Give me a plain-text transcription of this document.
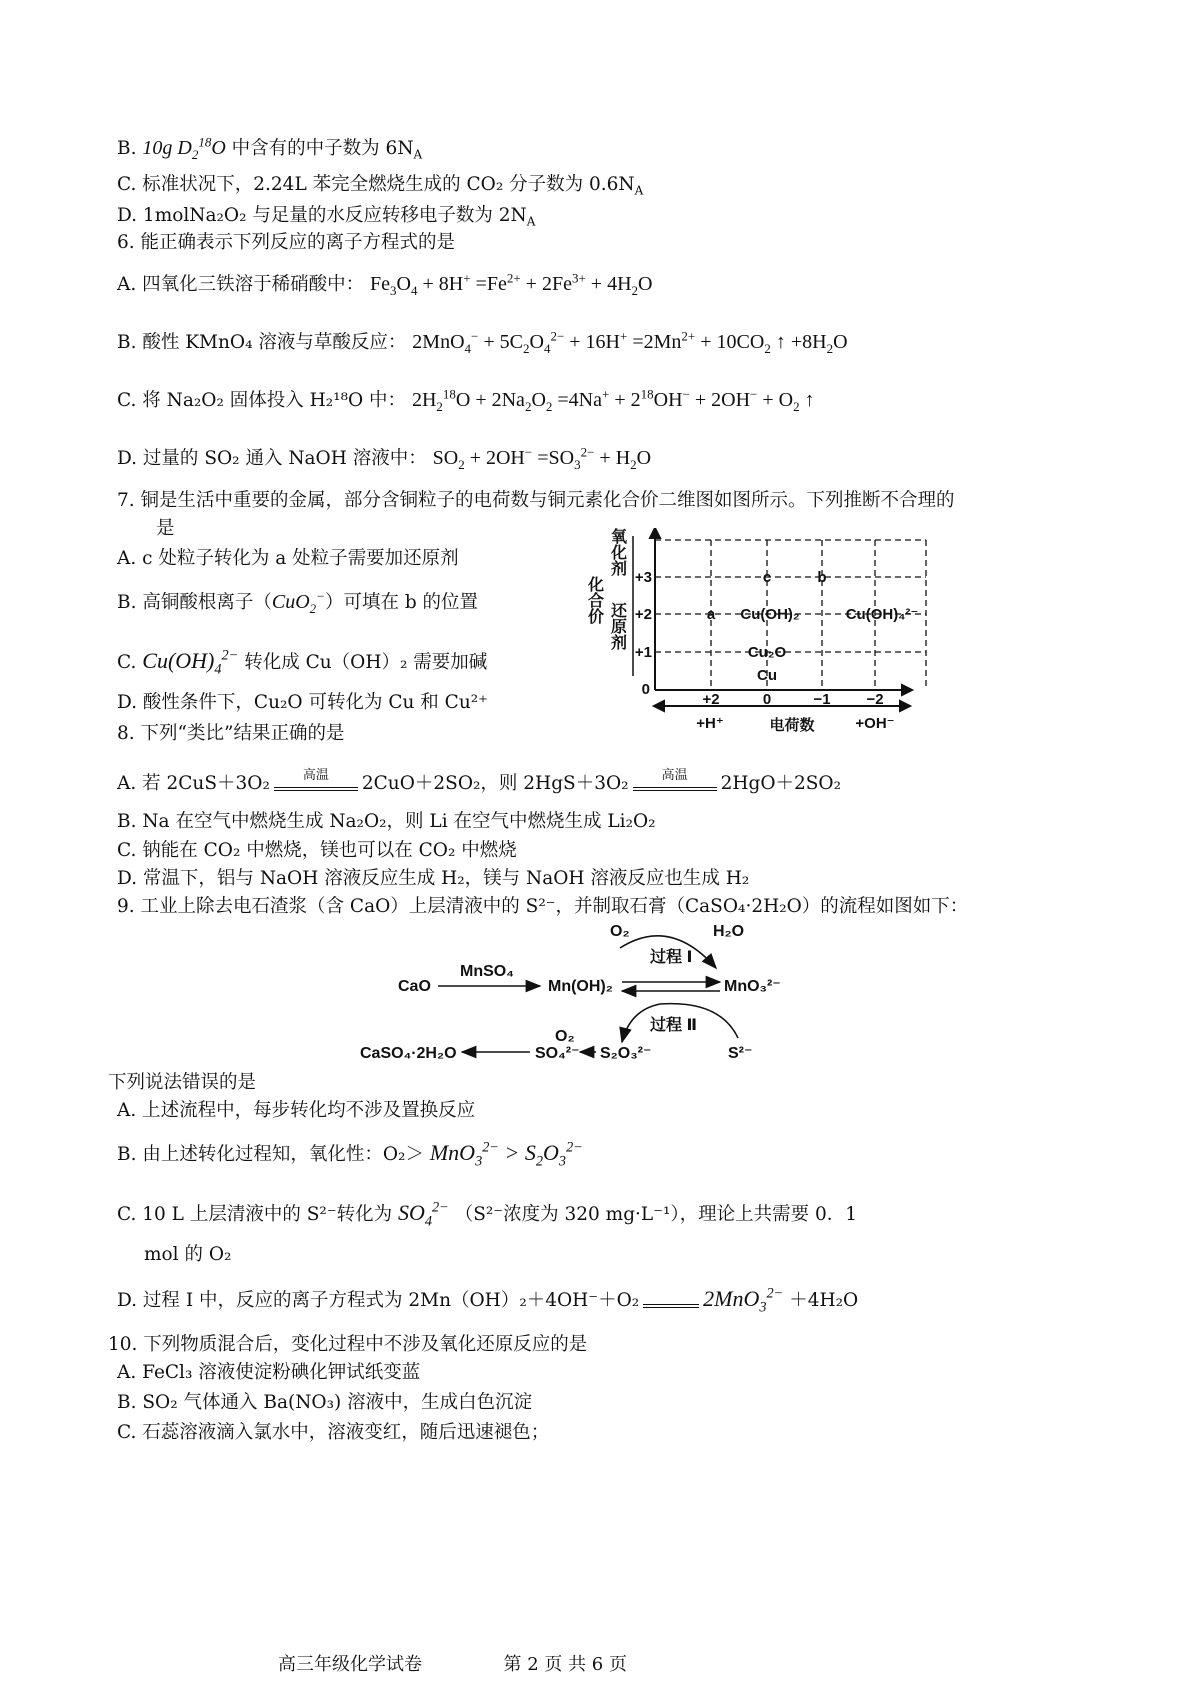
B. 10g $D_2^{18}O$ 中含有的中子数为 $6N_A$
C. 标准状况下，2.24L 苯完全燃烧生成的 CO₂ 分子数为 $0.6N_A$
D. 1molNa₂O₂ 与足量的水反应转移电子数为 $2N_A$
6. 能正确表示下列反应的离子方程式的是
A. 四氧化三铁溶于稀硝酸中： $Fe_3O_4 + 8H^+ =Fe^{2+} + 2Fe^{3+} + 4H_2O$
B. 酸性 KMnO₄ 溶液与草酸反应： $2MnO_4^- + 5C_2O_4^{2-} + 16H^+ =2Mn^{2+} + 10CO_2$ ↑ $+8H_2O$
C. 将 Na₂O₂ 固体投入 H₂¹⁸O 中： $2H_2^{18}O + 2Na_2O_2 =4Na^+ + 2^{18}OH^- + 2OH^- + O_2$ ↑
D. 过量的 SO₂ 通入 NaOH 溶液中： $SO_2 + 2OH^- =SO_3^{2-} + H_2O$
7. 铜是生活中重要的金属，部分含铜粒子的电荷数与铜元素化合价二维图如图所示。下列推断不合理的
是
A. c 处粒子转化为 a 处粒子需要加还原剂
B. 高铜酸根离子（CuO$_2$−）可填在 b 的位置
C. $Cu(OH)_4^{2-}$ 转化成 Cu（OH）₂ 需要加碱
D. 酸性条件下，Cu₂O 可转化为 Cu 和 Cu²⁺
0
+1
+2
+3
化合价
氧化剂
还原剂
+2	0	−1 −2
+H⁺	电荷数	+OH⁻
a
c	b
Cu(OH)₂
Cu₂O
Cu
Cu(OH)₄²⁻
8. 下列“类比”结果正确的是
A. 若 2CuS＋3O₂	高温	2CuO＋2SO₂，则 2HgS＋3O₂	高温	2HgO＋2SO₂
B. Na 在空气中燃烧生成 Na₂O₂，则 Li 在空气中燃烧生成 Li₂O₂
C. 钠能在 CO₂ 中燃烧，镁也可以在 CO₂ 中燃烧
D. 常温下，铝与 NaOH 溶液反应生成 H₂，镁与 NaOH 溶液反应也生成 H₂
9. 工业上除去电石渣浆（含 CaO）上层清液中的 S²⁻，并制取石膏（CaSO₄·2H₂O）的流程如图如下：
CaO
MnSO₄
Mn(OH)₂	MnO₃²⁻
O₂	H₂O
过程 Ⅰ
过程 Ⅱ
CaSO₄·2H₂O	SO₄²⁻
O₂
S₂O₃²⁻	S²⁻
下列说法错误的是
A. 上述流程中，每步转化均不涉及置换反应
B. 由上述转化过程知，氧化性：$O_2> MnO_3^{2-} > S_2O_3^{2-}$
C. 10 L 上层清液中的 S²⁻转化为 $SO_4^{2-}$ （S²⁻浓度为 320 mg·L⁻¹），理论上共需要 0．1
mol 的 O₂
D. 过程 Ⅰ 中，反应的离子方程式为 2Mn（OH）₂＋4OH⁻＋O₂	2MnO$_3^{2-}$ ＋4H₂O
10. 下列物质混合后，变化过程中不涉及氧化还原反应的是
A. FeCl₃ 溶液使淀粉碘化钾试纸变蓝
B. SO₂ 气体通入 Ba(NO₃) 溶液中，生成白色沉淀
C. 石蕊溶液滴入氯水中，溶液变红，随后迅速褪色；
高三年级化学试卷	第 2 页 共 6 页
